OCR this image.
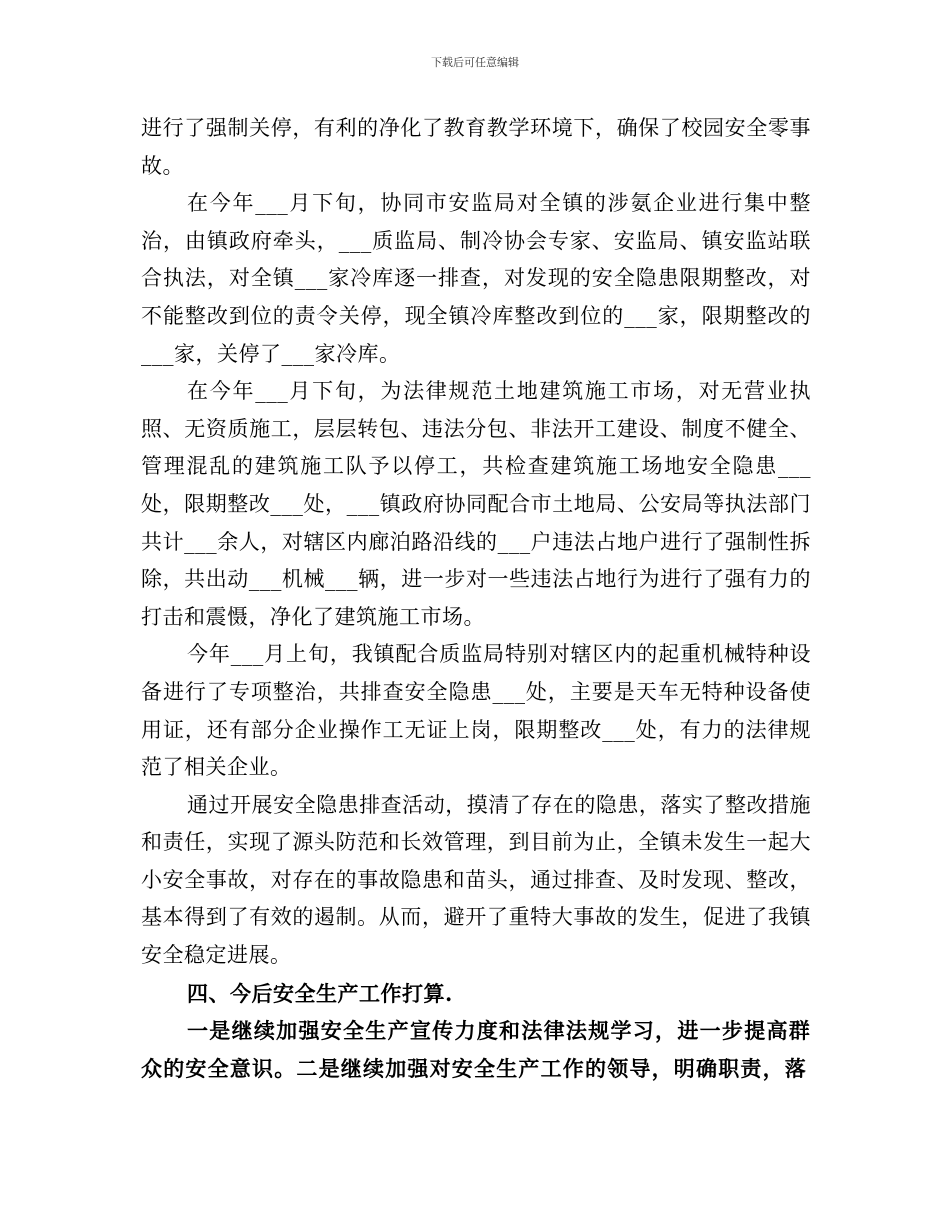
下载后可任意编辑

进行了强制关停，有利的净化了教育教学环境下，确保了校园安全零事故。

在今年___月下旬，协同市安监局对全镇的涉氨企业进行集中整治，由镇政府牵头，___质监局、制冷协会专家、安监局、镇安监站联合执法，对全镇___家冷库逐一排查，对发现的安全隐患限期整改，对不能整改到位的责令关停，现全镇冷库整改到位的___家，限期整改的___家，关停了___家冷库。

在今年___月下旬，为法律规范土地建筑施工市场，对无营业执照、无资质施工，层层转包、违法分包、非法开工建设、制度不健全、管理混乱的建筑施工队予以停工，共检查建筑施工场地安全隐患___处，限期整改___处，___镇政府协同配合市土地局、公安局等执法部门共计___余人，对辖区内廊泊路沿线的___户违法占地户进行了强制性拆除，共出动___机械___辆，进一步对一些违法占地行为进行了强有力的打击和震慑，净化了建筑施工市场。

今年___月上旬，我镇配合质监局特别对辖区内的起重机械特种设备进行了专项整治，共排查安全隐患___处，主要是天车无特种设备使用证，还有部分企业操作工无证上岗，限期整改___处，有力的法律规范了相关企业。

通过开展安全隐患排查活动，摸清了存在的隐患，落实了整改措施和责任，实现了源头防范和长效管理，到目前为止，全镇未发生一起大小安全事故，对存在的事故隐患和苗头，通过排查、及时发现、整改，基本得到了有效的遏制。从而，避开了重特大事故的发生，促进了我镇安全稳定进展。

四、今后安全生产工作打算.

一是继续加强安全生产宣传力度和法律法规学习，进一步提高群众的安全意识。二是继续加强对安全生产工作的领导，明确职责，落
